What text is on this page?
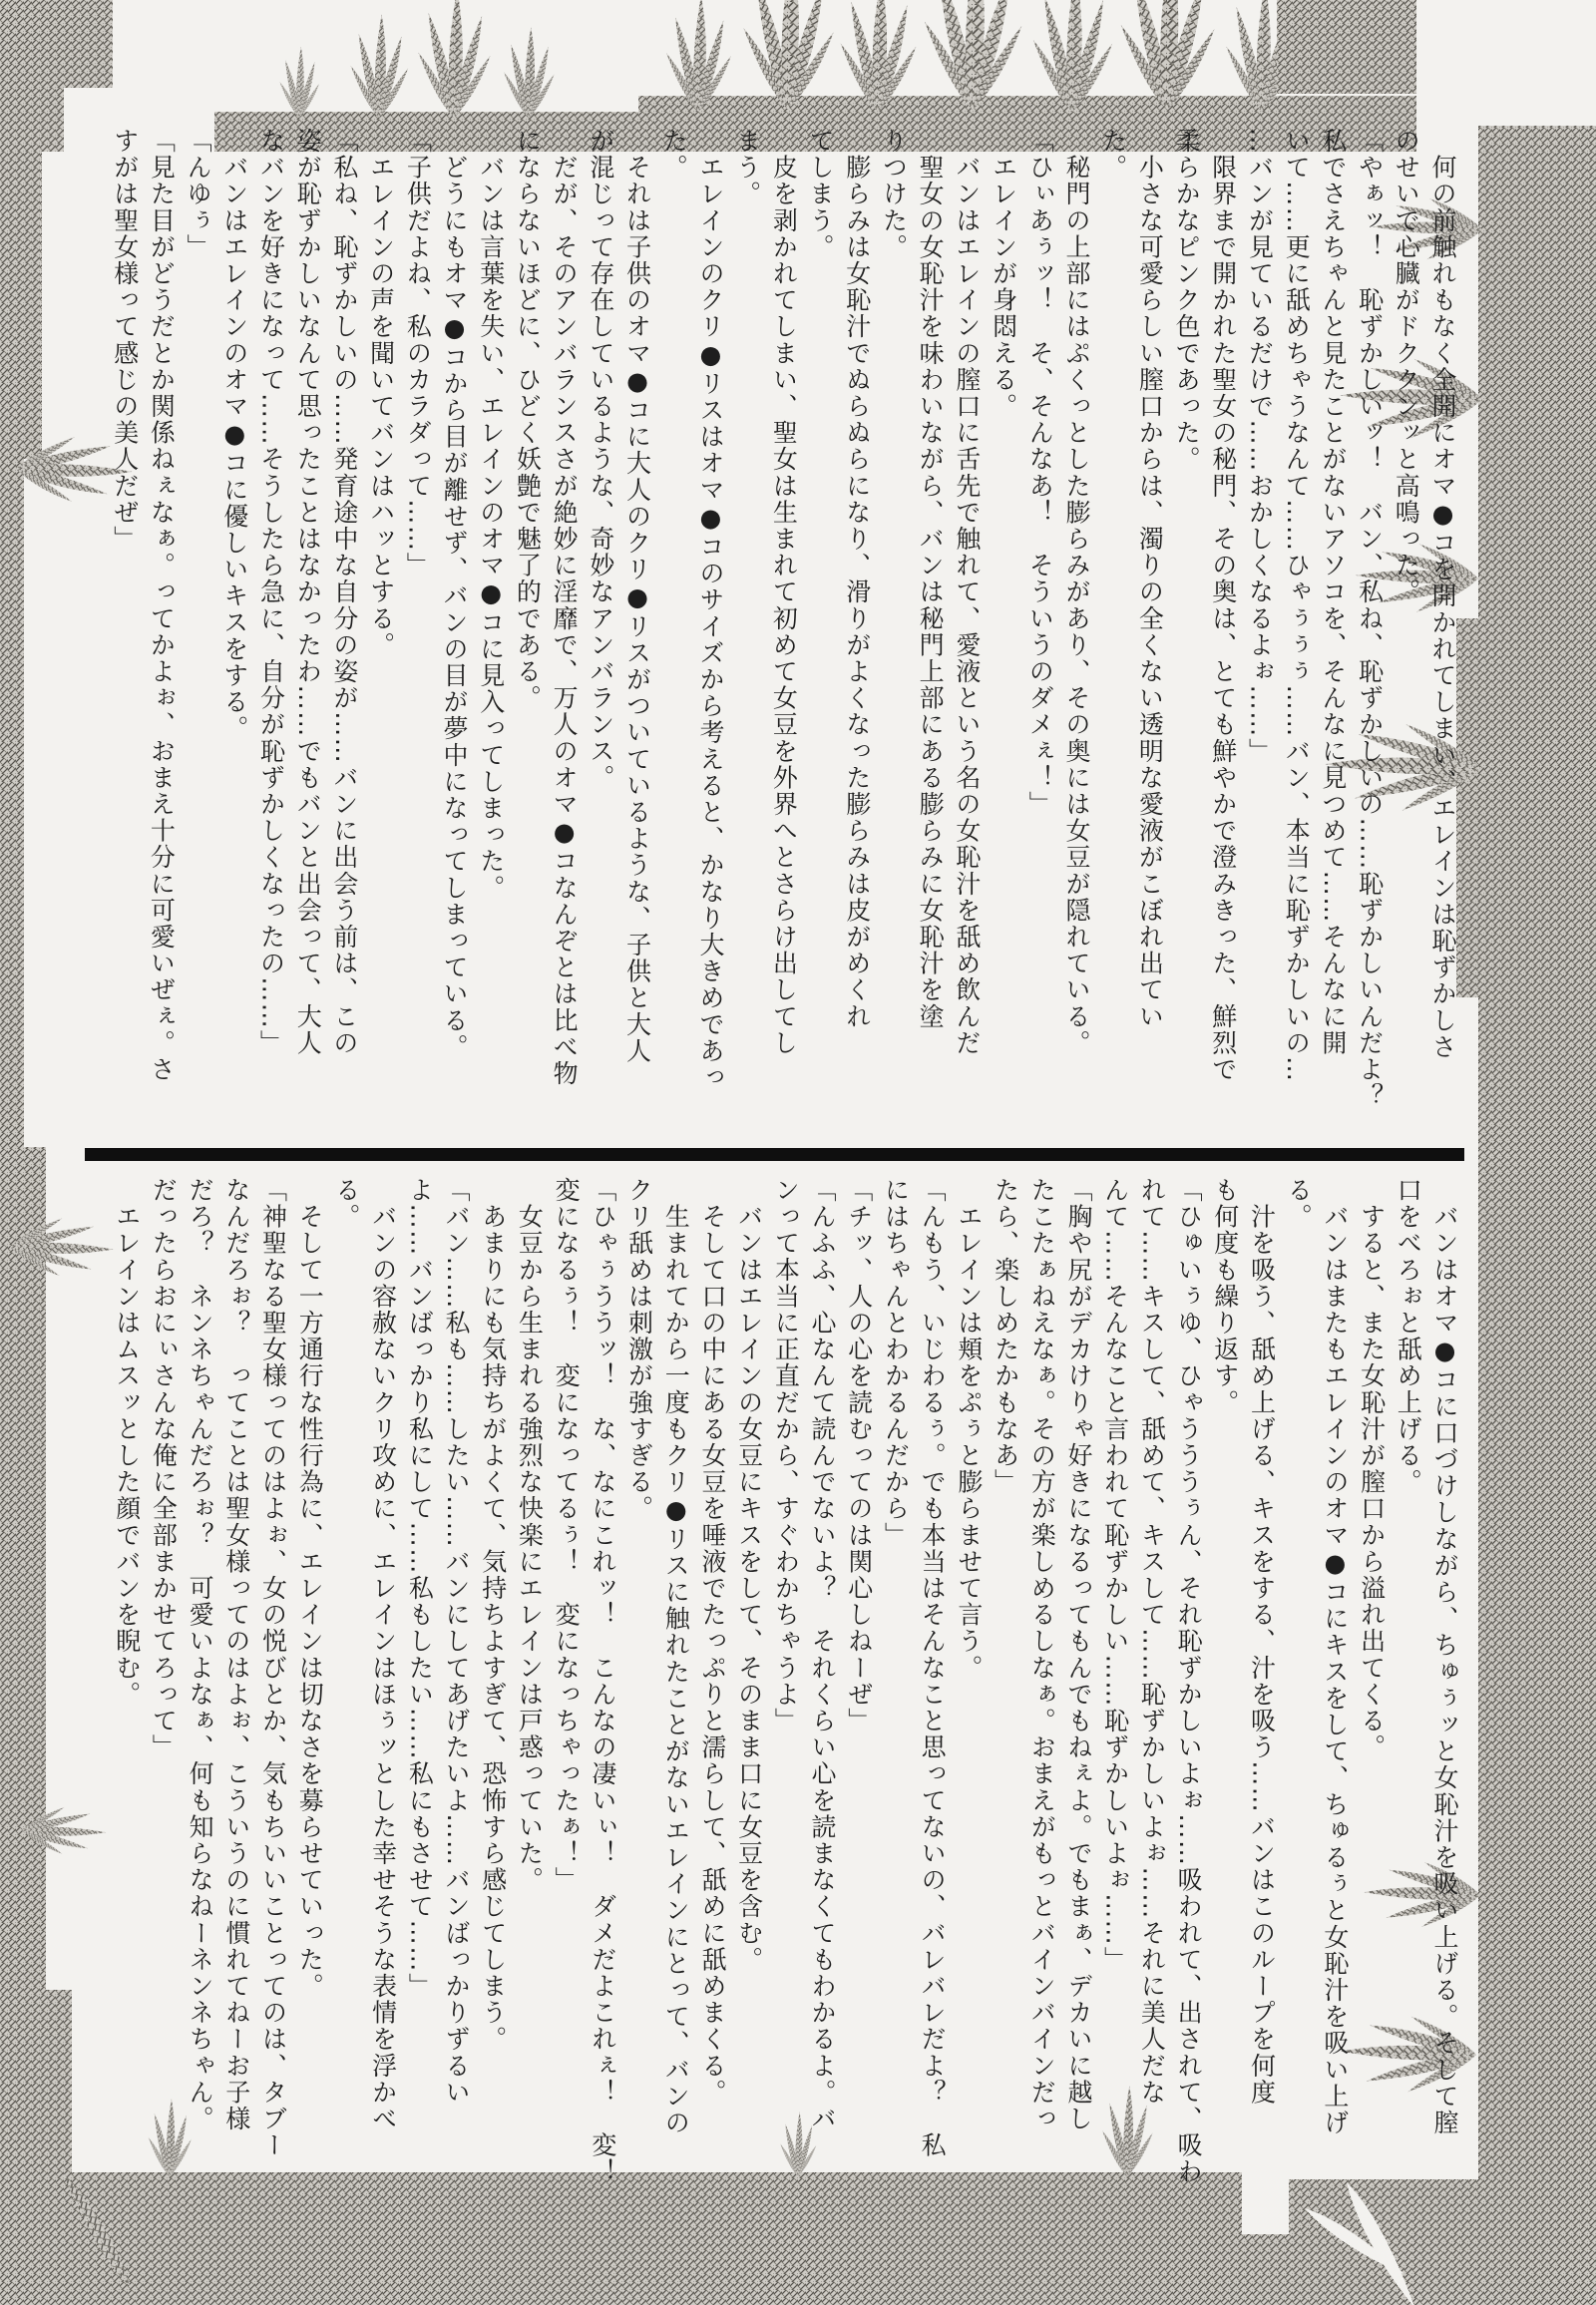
　何の前触れもなく全開にオマ●コを開かれてしまい、エレインは恥ずかしさ
のせいで心臓がドククンッと高鳴った。
「やぁッ！　恥ずかしいッ！　バン、私ね、恥ずかしいの……恥ずかしいんだよ？
私でさえちゃんと見たことがないアソコを、そんなに見つめて……そんなに開
いて……更に舐めちゃうなんて……ひゃぅぅぅ……バン、本当に恥ずかしいの…
…バンが見ているだけで……おかしくなるよぉ……」
　限界まで開かれた聖女の秘門、その奥は、とても鮮やかで澄みきった、鮮烈で
柔らかなピンク色であった。
　小さな可愛らしい膣口からは、濁りの全くない透明な愛液がこぼれ出てい
た。
　秘門の上部にはぷくっとした膨らみがあり、その奥には女豆が隠れている。
「ひぃあぅッ！　そ、そんなあ！　そういうのダメぇ！」
　エレインが身悶える。
　バンはエレインの膣口に舌先で触れて、愛液という名の女恥汁を舐め飲んだ
　聖女の女恥汁を味わいながら、バンは秘門上部にある膨らみに女恥汁を塗
りつけた。
　膨らみは女恥汁でぬらぬらになり、滑りがよくなった膨らみは皮がめくれ
てしまう。
　皮を剥かれてしまい、聖女は生まれて初めて女豆を外界へとさらけ出してし
まう。
　エレインのクリ●リスはオマ●コのサイズから考えると、かなり大きめであっ
た。
　それは子供のオマ●コに大人のクリ●リスがついているような、子供と大人
が混じって存在しているような、奇妙なアンバランス。
　だが、そのアンバランスさが絶妙に淫靡で、万人のオマ●コなんぞとは比べ物
にならないほどに、ひどく妖艶で魅了的である。
　バンは言葉を失い、エレインのオマ●コに見入ってしまった。
　どうにもオマ●コから目が離せず、バンの目が夢中になってしまっている。
「子供だよね、私のカラダって……」
　エレインの声を聞いてバンはハッとする。
「私ね、恥ずかしいの……発育途中な自分の姿が……バンに出会う前は、この
姿が恥ずかしいなんて思ったことはなかったわ……でもバンと出会って、大人
なバンを好きになって……そうしたら急に、自分が恥ずかしくなったの……」
　バンはエレインのオマ●コに優しいキスをする。
「んゆぅ」
「見た目がどうだとか関係ねぇなぁ。ってかよぉ、おまえ十分に可愛いぜぇ。さ
すがは聖女様って感じの美人だぜ」
　バンはオマ●コに口づけしながら、ちゅぅッと女恥汁を吸い上げる。そして膣
口をべろぉと舐め上げる。
　すると、また女恥汁が膣口から溢れ出てくる。
　バンはまたもエレインのオマ●コにキスをして、ちゅるぅと女恥汁を吸い上げ
る。
　汁を吸う、舐め上げる、キスをする、汁を吸う……バンはこのループを何度
も何度も繰り返す。
「ひゅいぅゆ、ひゃうううぅん、それ恥ずかしいよぉ……吸われて、出されて、吸わ
れて……キスして、舐めて、キスして……恥ずかしいよぉ……それに美人だな
んて……そんなこと言われて恥ずかしい……恥ずかしいよぉ……」
「胸や尻がデカけりゃ好きになるってもんでもねぇよ。でもまぁ、デカいに越し
たこたぁねえなぁ。その方が楽しめるしなぁ。おまえがもっとバインバインだっ
たら、楽しめたかもなあ」
　エレインは頬をぷぅと膨らませて言う。
「んもう、いじわるぅ。でも本当はそんなこと思ってないの、バレバレだよ？　私
にはちゃんとわかるんだから」
「チッ、人の心を読むってのは関心しねーぜ」
「んふふ、心なんて読んでないよ？　それくらい心を読まなくてもわかるよ。バ
ンって本当に正直だから、すぐわかちゃうよ」
　バンはエレインの女豆にキスをして、そのまま口に女豆を含む。
　そして口の中にある女豆を唾液でたっぷりと濡らして、舐めに舐めまくる。
　生まれてから一度もクリ●リスに触れたことがないエレインにとって、バンの
クリ舐めは刺激が強すぎる。
「ひゃぅううッ！　な、なにこれッ！　こんなの凄いぃ！　ダメだよこれぇ！　変！
変になるぅ！　変になってるぅ！　変になっちゃったぁ！」
　女豆から生まれる強烈な快楽にエレインは戸惑っていた。
　あまりにも気持ちがよくて、気持ちよすぎて、恐怖すら感じてしまう。
「バン……私も……したい……バンにしてあげたいよ……バンばっかりずるい
よ……バンばっかり私にして……私もしたい……私にもさせて……」
　バンの容赦ないクリ攻めに、エレインはほぅッとした幸せそうな表情を浮かべ
る。
　そして一方通行な性行為に、エレインは切なさを募らせていった。
「神聖なる聖女様ってのはよぉ、女の悦びとか、気もちいいことってのは、タブー
なんだろぉ？　ってことは聖女様ってのはよぉ、こういうのに慣れてねーお子様
だろ？　ネンネちゃんだろぉ？　可愛いよなぁ、何も知らなねーネンネちゃん。
だったらおにぃさんな俺に全部まかせてろって」
　エレインはムスッとした顔でバンを睨む。
